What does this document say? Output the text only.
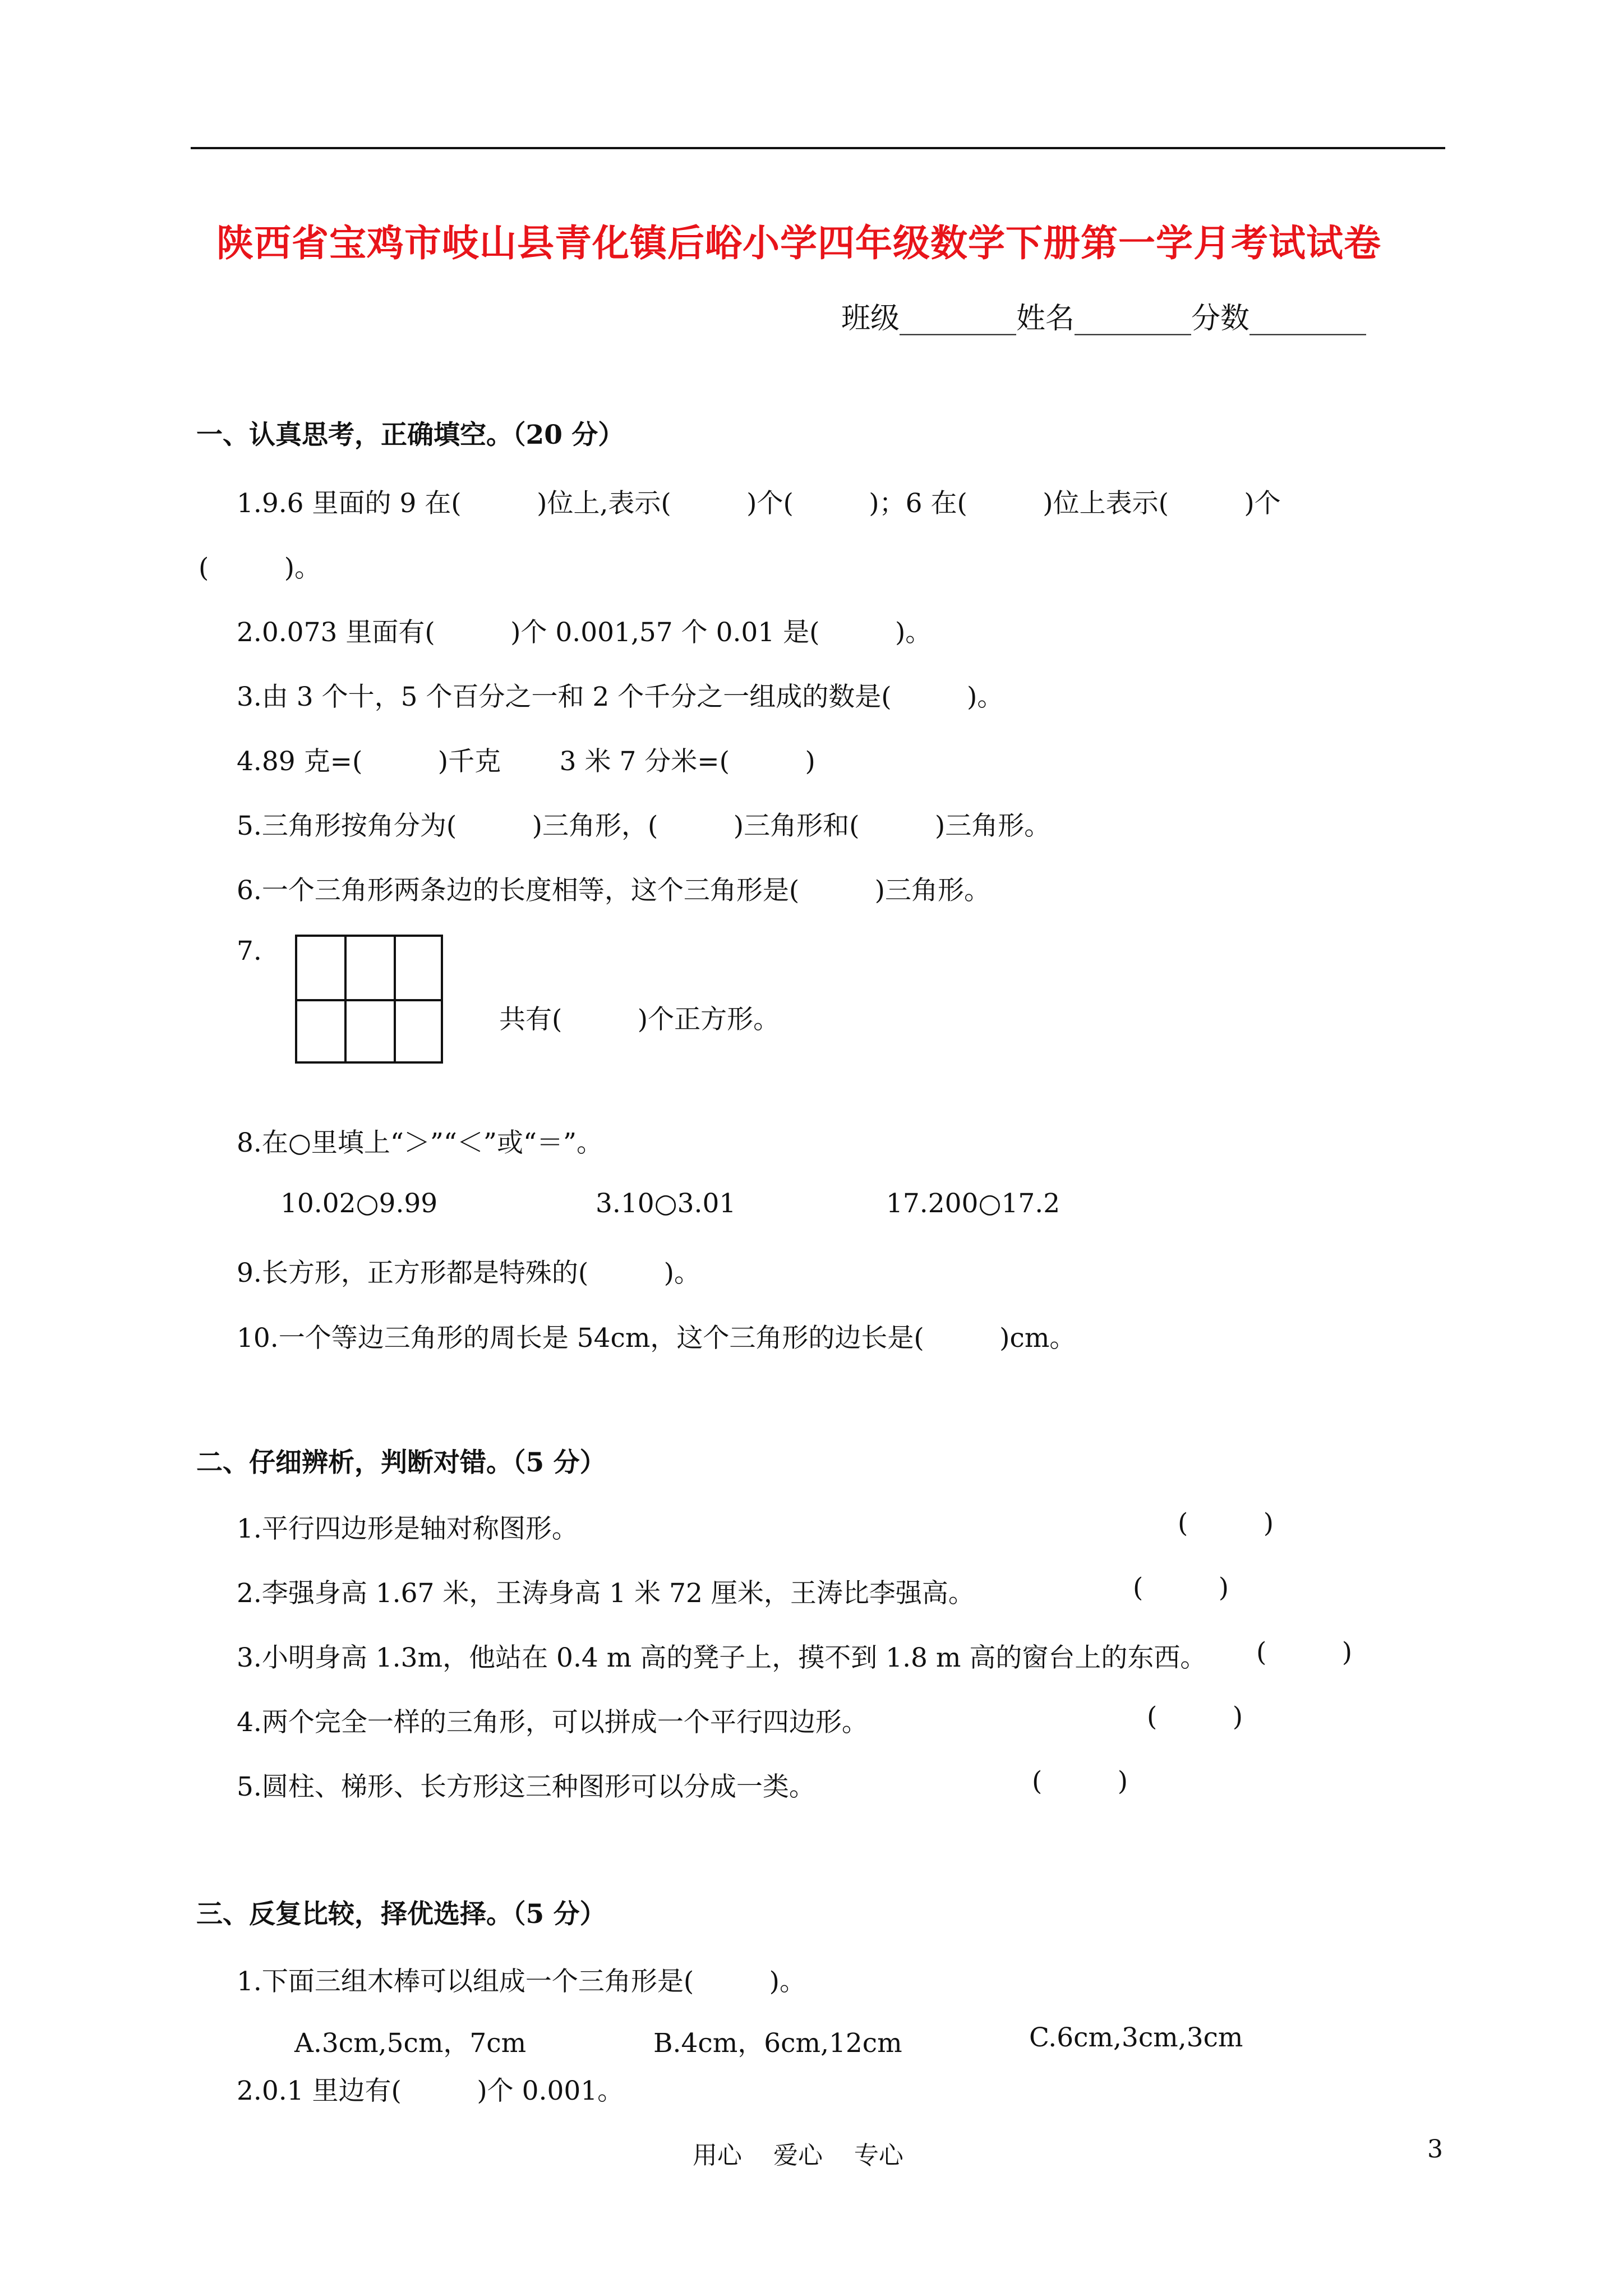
陕西省宝鸡市岐山县青化镇后峪小学四年级数学下册第一学月考试试卷
班级________姓名________分数________
一、认真思考，正确填空。（20 分）
1.9.6 里面的 9 在(         )位上,表示(         )个(         )；6 在(         )位上表示(         )个
(         )。
2.0.073 里面有(         )个 0.001,57 个 0.01 是(         )。
3.由 3 个十，5 个百分之一和 2 个千分之一组成的数是(         )。
4.89 克=(         )千克       3 米 7 分米=(         )
5.三角形按角分为(         )三角形，(         )三角形和(         )三角形。
6.一个三角形两条边的长度相等，这个三角形是(         )三角形。
7.
共有(         )个正方形。
8.在○里填上“＞”“＜”或“＝”。
10.02○9.99	3.10○3.01	17.200○17.2
9.长方形，正方形都是特殊的(         )。
10.一个等边三角形的周长是 54cm，这个三角形的边长是(         )cm。
二、仔细辨析，判断对错。（5 分）
1.平行四边形是轴对称图形。	(         )
2.李强身高 1.67 米，王涛身高 1 米 72 厘米，王涛比李强高。	(         )
3.小明身高 1.3m，他站在 0.4 m 高的凳子上，摸不到 1.8 m 高的窗台上的东西。 (         )
4.两个完全一样的三角形，可以拼成一个平行四边形。	(         )
5.圆柱、梯形、长方形这三种图形可以分成一类。	(         )
三、反复比较，择优选择。（5 分）
1.下面三组木棒可以组成一个三角形是(         )。
A.3cm,5cm，7cm	B.4cm，6cm,12cm	C.6cm,3cm,3cm
2.0.1 里边有(         )个 0.001。
用心    爱心    专心	3
